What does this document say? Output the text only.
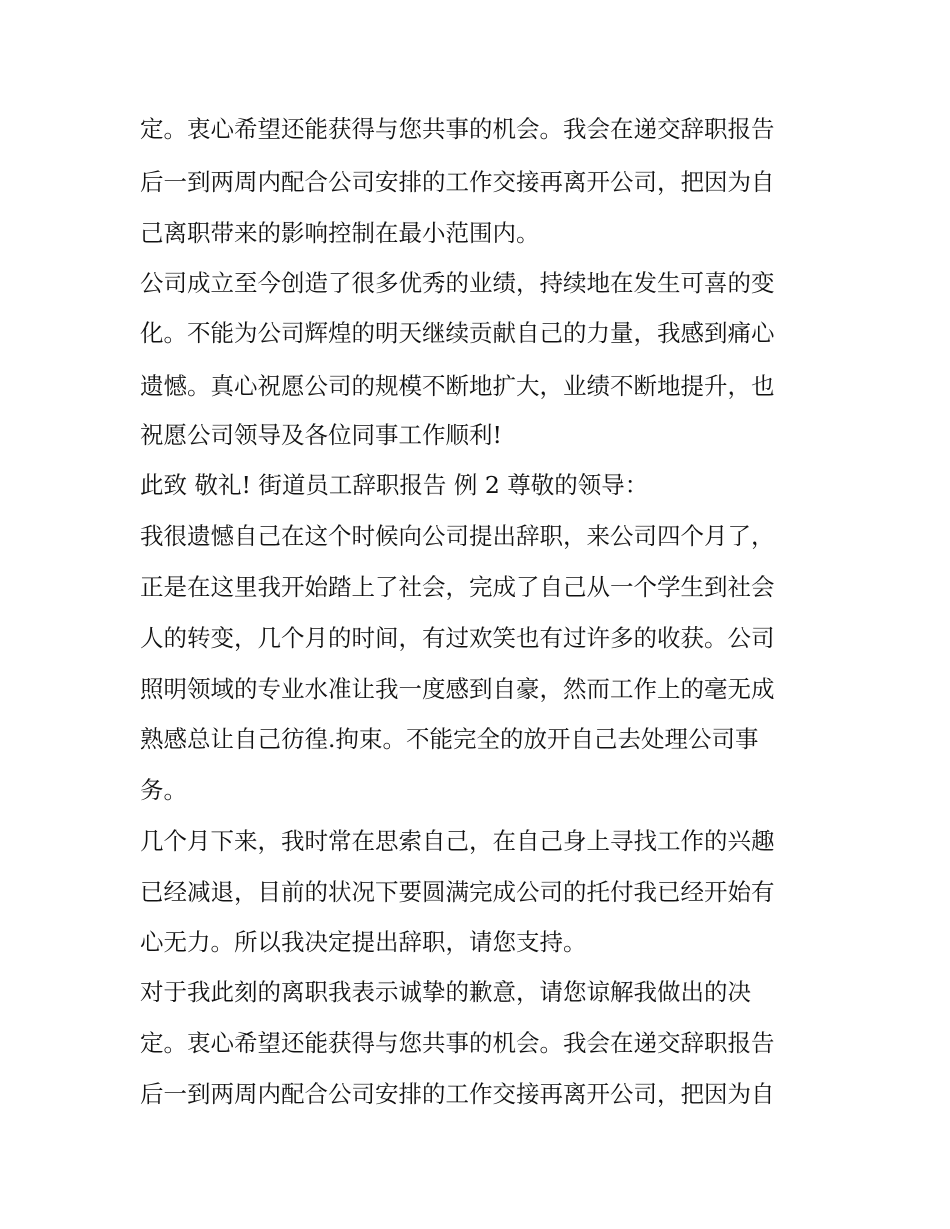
定。衷心希望还能获得与您共事的机会。我会在递交辞职报告
后一到两周内配合公司安排的工作交接再离开公司，把因为自
己离职带来的影响控制在最小范围内。
公司成立至今创造了很多优秀的业绩，持续地在发生可喜的变
化。不能为公司辉煌的明天继续贡献自己的力量，我感到痛心
遗憾。真心祝愿公司的规模不断地扩大，业绩不断地提升，也
祝愿公司领导及各位同事工作顺利!
此致 敬礼! 街道员工辞职报告 例 2 尊敬的领导：
我很遗憾自己在这个时候向公司提出辞职，来公司四个月了，
正是在这里我开始踏上了社会，完成了自己从一个学生到社会
人的转变，几个月的时间，有过欢笑也有过许多的收获。公司
照明领域的专业水准让我一度感到自豪，然而工作上的毫无成
熟感总让自己彷徨.拘束。不能完全的放开自己去处理公司事
务。
几个月下来，我时常在思索自己，在自己身上寻找工作的兴趣
已经减退，目前的状况下要圆满完成公司的托付我已经开始有
心无力。所以我决定提出辞职，请您支持。
对于我此刻的离职我表示诚挚的歉意，请您谅解我做出的决
定。衷心希望还能获得与您共事的机会。我会在递交辞职报告
后一到两周内配合公司安排的工作交接再离开公司，把因为自
